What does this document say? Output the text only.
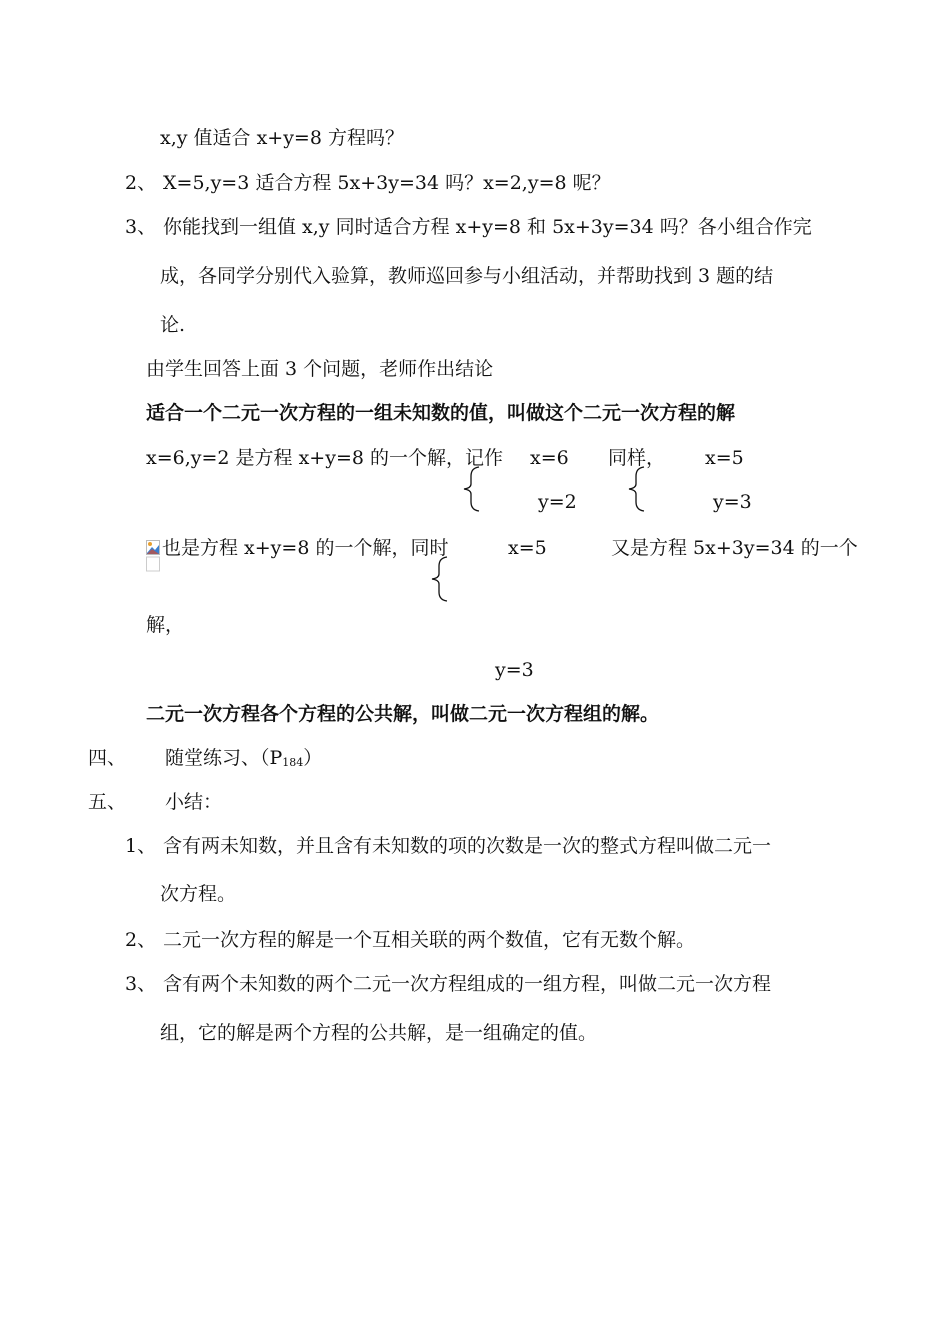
x,y 值适合 x+y=8 方程吗？
2、 X=5,y=3 适合方程 5x+3y=34 吗？x=2,y=8 呢？
3、 你能找到一组值 x,y 同时适合方程 x+y=8 和 5x+3y=34 吗？各小组合作完
成，各同学分别代入验算，教师巡回参与小组活动，并帮助找到 3 题的结
论.
由学生回答上面 3 个问题，老师作出结论
适合一个二元一次方程的一组未知数的值，叫做这个二元一次方程的解
x=6,y=2 是方程 x+y=8 的一个解，记作 x=6 同样， x=5
y=2	y=3
也是方程 x+y=8 的一个解，同时	x=5	又是方程 5x+3y=34 的一个
解，
y=3
二元一次方程各个方程的公共解，叫做二元一次方程组的解。
四、 随堂练习、$(P_{184})$
五、 小结：
1、 含有两未知数，并且含有未知数的项的次数是一次的整式方程叫做二元一
次方程。
2、 二元一次方程的解是一个互相关联的两个数值，它有无数个解。
3、 含有两个未知数的两个二元一次方程组成的一组方程，叫做二元一次方程
组，它的解是两个方程的公共解，是一组确定的值。
